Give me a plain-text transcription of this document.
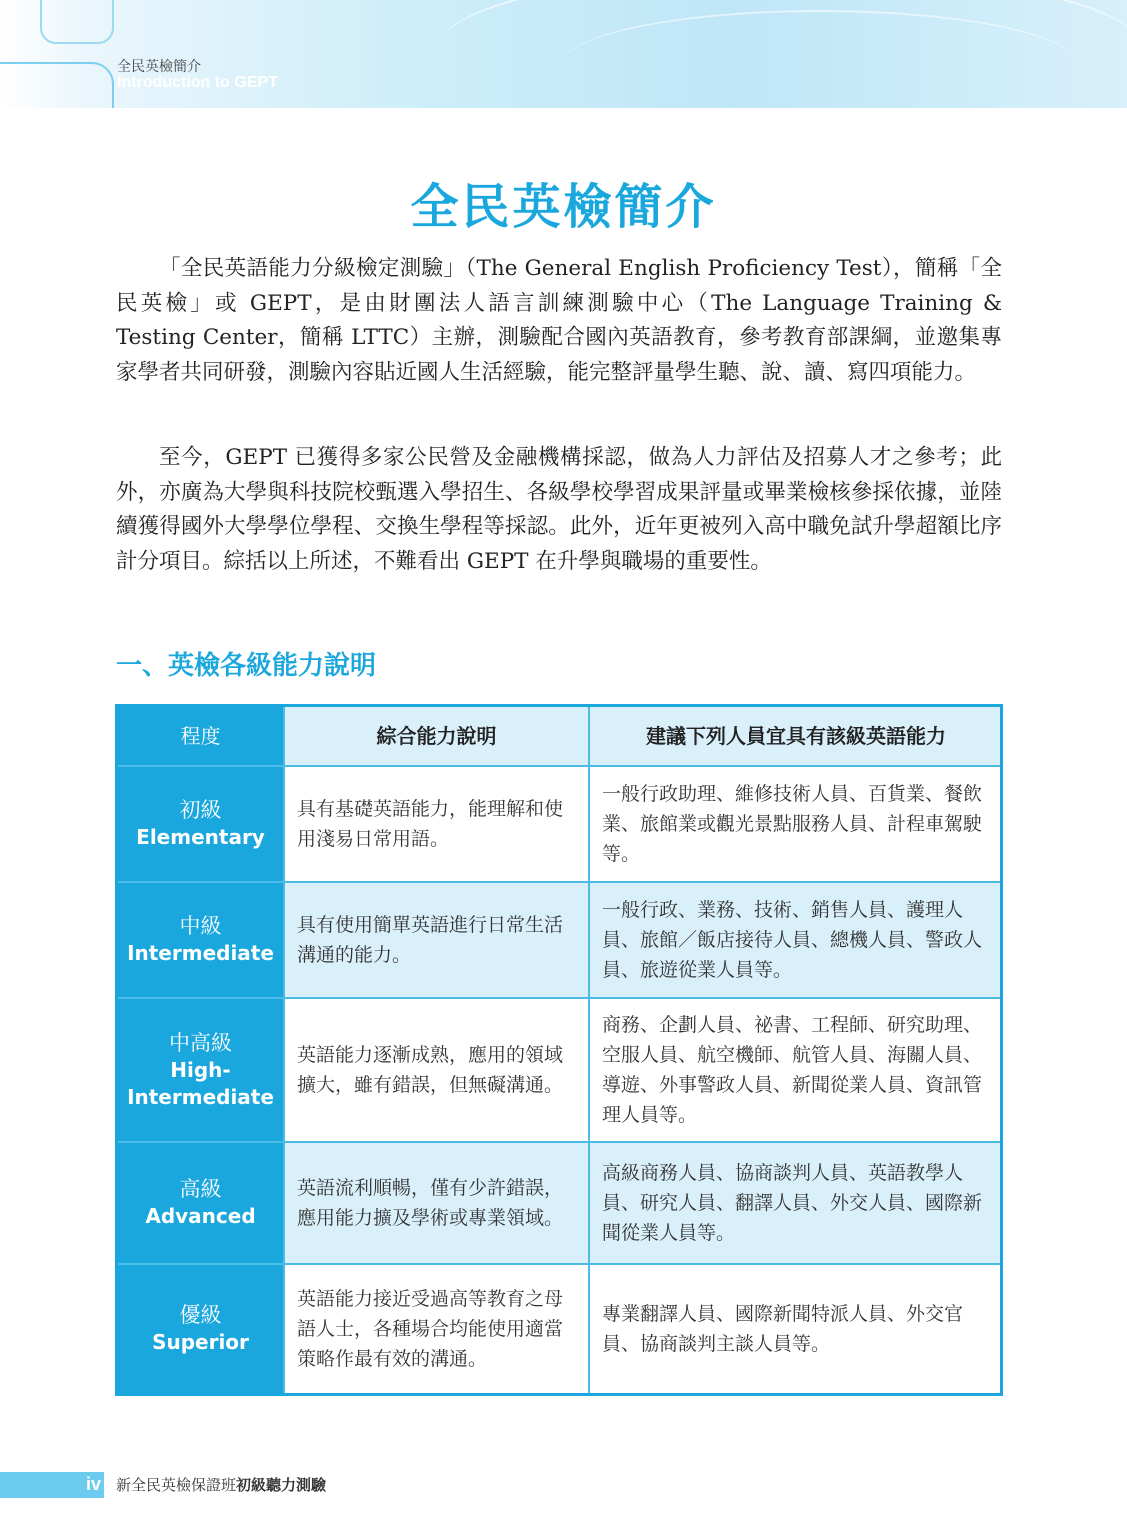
全民英檢簡介
Introduction to GEPT
全民英檢簡介
「全民英語能力分級檢定測驗」（The General English Proficiency Test），簡稱「全民英檢」或 GEPT，是由財團法人語言訓練測驗中心（The Language Training & Testing Center，簡稱 LTTC）主辦，測驗配合國內英語教育，參考教育部課綱，並邀集專家學者共同研發，測驗內容貼近國人生活經驗，能完整評量學生聽、說、讀、寫四項能力。
至今，GEPT 已獲得多家公民營及金融機構採認，做為人力評估及招募人才之參考；此外，亦廣為大學與科技院校甄選入學招生、各級學校學習成果評量或畢業檢核參採依據，並陸續獲得國外大學學位學程、交換生學程等採認。此外，近年更被列入高中職免試升學超額比序計分項目。綜括以上所述，不難看出 GEPT 在升學與職場的重要性。
一、英檢各級能力說明
程度	綜合能力說明	建議下列人員宜具有該級英語能力
初級
Elementary
具有基礎英語能力，能理解和使用淺易日常用語。
一般行政助理、維修技術人員、百貨業、餐飲業、旅館業或觀光景點服務人員、計程車駕駛等。
中級
Intermediate
具有使用簡單英語進行日常生活溝通的能力。
一般行政、業務、技術、銷售人員、護理人員、旅館／飯店接待人員、總機人員、警政人員、旅遊從業人員等。
中高級
High-Intermediate
英語能力逐漸成熟，應用的領域擴大，雖有錯誤，但無礙溝通。
商務、企劃人員、祕書、工程師、研究助理、空服人員、航空機師、航管人員、海關人員、導遊、外事警政人員、新聞從業人員、資訊管理人員等。
高級
Advanced
英語流利順暢，僅有少許錯誤，應用能力擴及學術或專業領域。
高級商務人員、協商談判人員、英語教學人員、研究人員、翻譯人員、外交人員、國際新聞從業人員等。
優級
Superior
英語能力接近受過高等教育之母語人士，各種場合均能使用適當策略作最有效的溝通。
專業翻譯人員、國際新聞特派人員、外交官員、協商談判主談人員等。
iv 新全民英檢保證班初級聽力測驗
